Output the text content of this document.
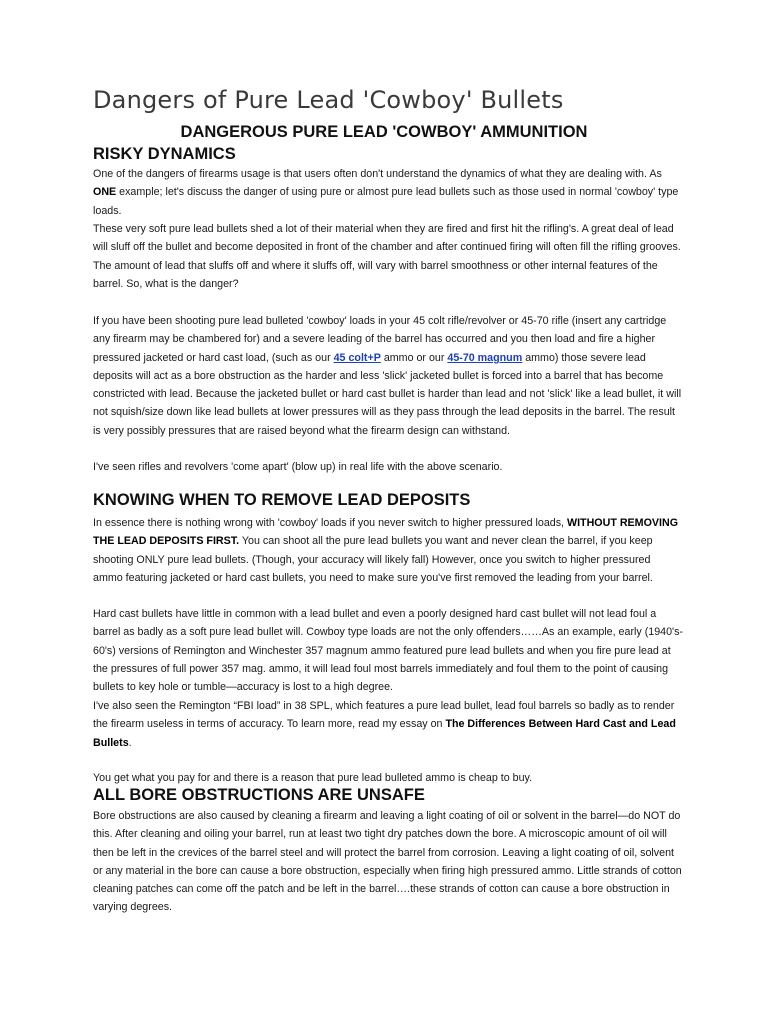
Dangers of Pure Lead 'Cowboy' Bullets
DANGEROUS PURE LEAD 'COWBOY' AMMUNITION
RISKY DYNAMICS

One of the dangers of firearms usage is that users often don't understand the dynamics of what they are dealing with. As ONE example; let's discuss the danger of using pure or almost pure lead bullets such as those used in normal 'cowboy' type loads.

These very soft pure lead bullets shed a lot of their material when they are fired and first hit the rifling's. A great deal of lead will sluff off the bullet and become deposited in front of the chamber and after continued firing will often fill the rifling grooves. The amount of lead that sluffs off and where it sluffs off, will vary with barrel smoothness or other internal features of the barrel. So, what is the danger?

If you have been shooting pure lead bulleted 'cowboy' loads in your 45 colt rifle/revolver or 45-70 rifle (insert any cartridge any firearm may be chambered for) and a severe leading of the barrel has occurred and you then load and fire a higher pressured jacketed or hard cast load, (such as our 45 colt+P ammo or our 45-70 magnum ammo) those severe lead deposits will act as a bore obstruction as the harder and less 'slick' jacketed bullet is forced into a barrel that has become constricted with lead. Because the jacketed bullet or hard cast bullet is harder than lead and not 'slick' like a lead bullet, it will not squish/size down like lead bullets at lower pressures will as they pass through the lead deposits in the barrel. The result is very possibly pressures that are raised beyond what the firearm design can withstand.

I've seen rifles and revolvers 'come apart' (blow up) in real life with the above scenario.

KNOWING WHEN TO REMOVE LEAD DEPOSITS

In essence there is nothing wrong with 'cowboy' loads if you never switch to higher pressured loads, WITHOUT REMOVING THE LEAD DEPOSITS FIRST. You can shoot all the pure lead bullets you want and never clean the barrel, if you keep shooting ONLY pure lead bullets. (Though, your accuracy will likely fall) However, once you switch to higher pressured ammo featuring jacketed or hard cast bullets, you need to make sure you've first removed the leading from your barrel.

Hard cast bullets have little in common with a lead bullet and even a poorly designed hard cast bullet will not lead foul a barrel as badly as a soft pure lead bullet will. Cowboy type loads are not the only offenders……As an example, early (1940's-60's) versions of Remington and Winchester 357 magnum ammo featured pure lead bullets and when you fire pure lead at the pressures of full power 357 mag. ammo, it will lead foul most barrels immediately and foul them to the point of causing bullets to key hole or tumble—accuracy is lost to a high degree.

I've also seen the Remington “FBI load” in 38 SPL, which features a pure lead bullet, lead foul barrels so badly as to render the firearm useless in terms of accuracy. To learn more, read my essay on The Differences Between Hard Cast and Lead Bullets.

You get what you pay for and there is a reason that pure lead bulleted ammo is cheap to buy.

ALL BORE OBSTRUCTIONS ARE UNSAFE

Bore obstructions are also caused by cleaning a firearm and leaving a light coating of oil or solvent in the barrel—do NOT do this. After cleaning and oiling your barrel, run at least two tight dry patches down the bore. A microscopic amount of oil will then be left in the crevices of the barrel steel and will protect the barrel from corrosion. Leaving a light coating of oil, solvent or any material in the bore can cause a bore obstruction, especially when firing high pressured ammo. Little strands of cotton cleaning patches can come off the patch and be left in the barrel….these strands of cotton can cause a bore obstruction in varying degrees.
